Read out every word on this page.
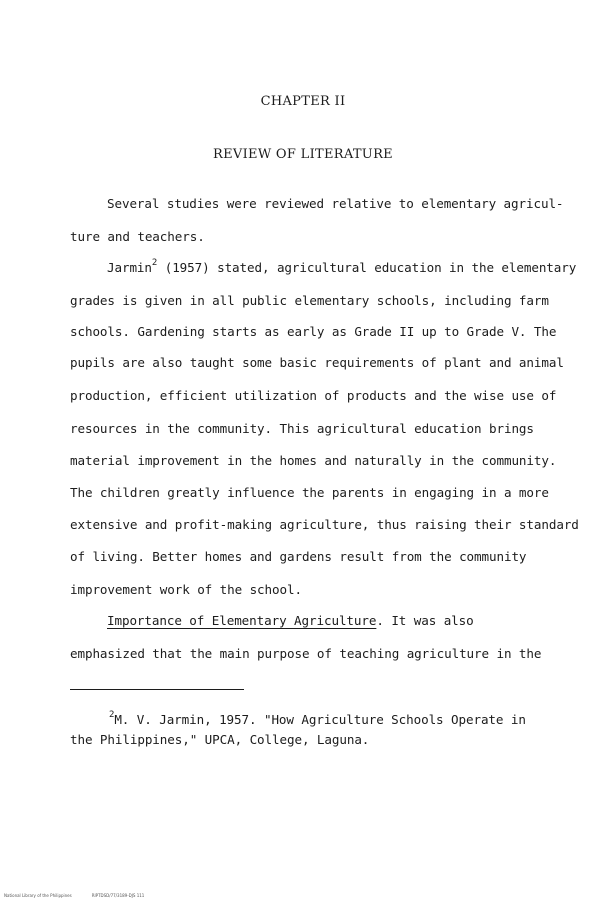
CHAPTER II
REVIEW OF LITERATURE
Several studies were reviewed relative to elementary agricul-
ture and teachers.
Jarmin$^2$ (1957) stated, agricultural education in the elementary
grades is given in all public elementary schools, including farm
schools. Gardening starts as early as Grade II up to Grade V. The
pupils are also taught some basic requirements of plant and animal
production, efficient utilization of products and the wise use of
resources in the community. This agricultural education brings
material improvement in the homes and naturally in the community.
The children greatly influence the parents in engaging in a more
extensive and profit-making agriculture, thus raising their standard
of living. Better homes and gardens result from the community
improvement work of the school.
Importance of Elementary Agriculture. It was also
emphasized that the main purpose of teaching agriculture in the
$^2$M. V. Jarmin, 1957. "How Agriculture Schools Operate in
the Philippines," UPCA, College, Laguna.
National Library of the Philippines	RIPTDSD/77/3189-DJS 111
